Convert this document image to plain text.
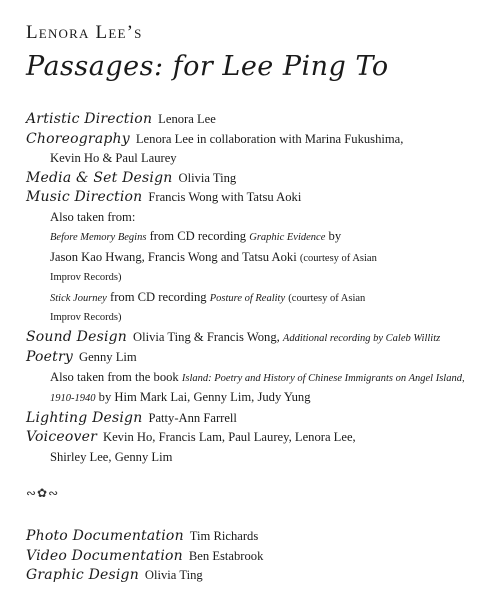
Lenora Lee’s

Passages: for Lee Ping To

Artistic Direction Lenora Lee
Choreography Lenora Lee in collaboration with Marina Fukushima,
Kevin Ho & Paul Laurey
Media & Set Design Olivia Ting
Music Direction Francis Wong with Tatsu Aoki
Also taken from:
Before Memory Begins from CD recording Graphic Evidence by
Jason Kao Hwang, Francis Wong and Tatsu Aoki (courtesy of Asian
Improv Records)
Stick Journey from CD recording Posture of Reality (courtesy of Asian
Improv Records)
Sound Design Olivia Ting & Francis Wong, Additional recording by Caleb Willitz
Poetry Genny Lim
Also taken from the book Island: Poetry and History of Chinese Immigrants on Angel Island, 1910-1940 by Him Mark Lai, Genny Lim, Judy Yung
Lighting Design Patty-Ann Farrell
Voiceover Kevin Ho, Francis Lam, Paul Laurey, Lenora Lee,
Shirley Lee, Genny Lim
∾✿∾
Photo Documentation Tim Richards
Video Documentation Ben Estabrook
Graphic Design Olivia Ting
